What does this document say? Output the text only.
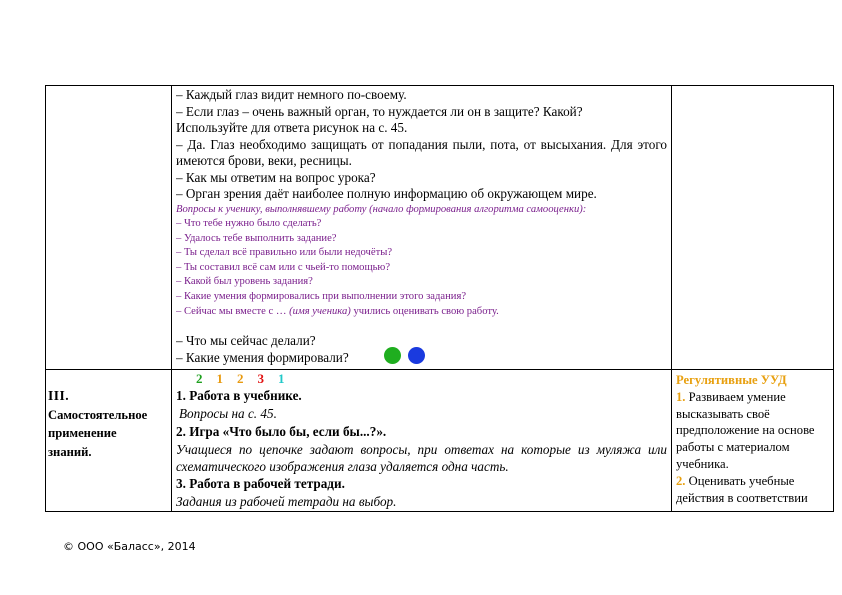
– Каждый глаз видит немного по-своему.
– Если глаз – очень важный орган, то нуждается ли он в защите? Какой?
Используйте для ответа рисунок на с. 45.
– Да. Глаз необходимо защищать от попадания пыли, пота, от высыхания. Для этого имеются брови, веки, ресницы.
– Как мы ответим на вопрос урока?
– Орган зрения даёт наиболее полную информацию об окружающем мире.
Вопросы к ученику, выполнявшему работу (начало формирования алгоритма самооценки):
– Что тебе нужно было сделать?
– Удалось тебе выполнить задание?
– Ты сделал всё правильно или были недочёты?
– Ты составил всё сам или с чьей-то помощью?
– Какой был уровень задания?
– Какие умения формировались при выполнении этого задания?
– Сейчас мы вместе с … (имя ученика) учились оценивать свою работу.
– Что мы сейчас делали?
– Какие умения формировали?
III.
Самостоятельное
применение
знаний.
2 1 2 3 1
1. Работа в учебнике.
Вопросы на с. 45.
2. Игра «Что было бы, если бы...?».
Учащиеся по цепочке задают вопросы, при ответах на которые из муляжа или схематического изображения глаза удаляется одна часть.
3. Работа в рабочей тетради.
Задания из рабочей тетради на выбор.
Регулятивные УУД
1. Развиваем умение высказывать своё предположение на основе работы с материалом учебника.
2. Оценивать учебные действия в соответствии
© ООО «Баласс», 2014
